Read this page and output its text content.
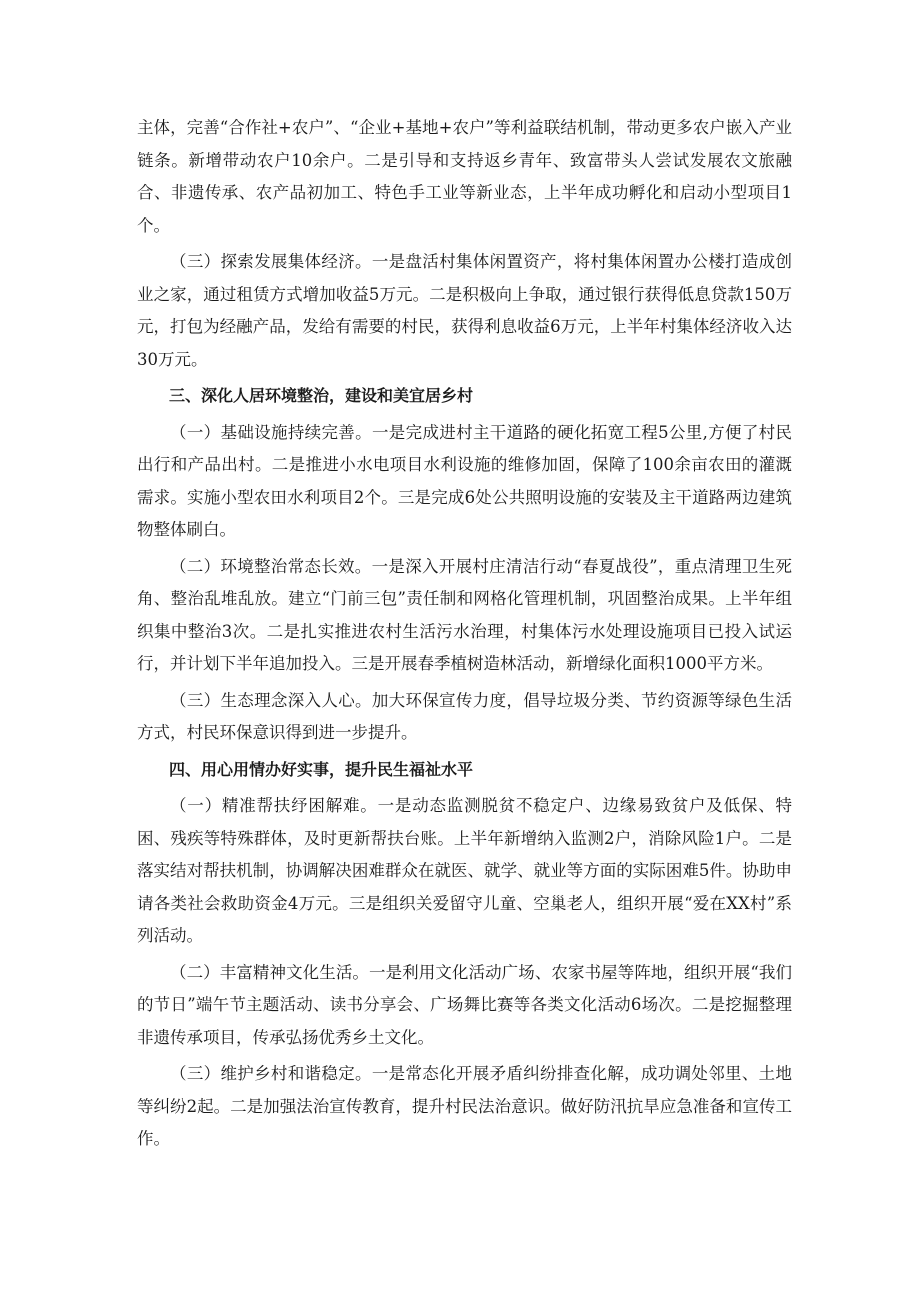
主体，完善“合作社+农户”、“企业+基地+农户”等利益联结机制，带动更多农户嵌入产业链条。新增带动农户10余户。二是引导和支持返乡青年、致富带头人尝试发展农文旅融合、非遗传承、农产品初加工、特色手工业等新业态，上半年成功孵化和启动小型项目1个。

（三）探索发展集体经济。一是盘活村集体闲置资产，将村集体闲置办公楼打造成创业之家，通过租赁方式增加收益5万元。二是积极向上争取，通过银行获得低息贷款150万元，打包为经融产品，发给有需要的村民，获得利息收益6万元，上半年村集体经济收入达30万元。

三、深化人居环境整治，建设和美宜居乡村

（一）基础设施持续完善。一是完成进村主干道路的硬化拓宽工程5公里,方便了村民出行和产品出村。二是推进小水电项目水利设施的维修加固，保障了100余亩农田的灌溉需求。实施小型农田水利项目2个。三是完成6处公共照明设施的安装及主干道路两边建筑物整体刷白。

（二）环境整治常态长效。一是深入开展村庄清洁行动“春夏战役”，重点清理卫生死角、整治乱堆乱放。建立“门前三包”责任制和网格化管理机制，巩固整治成果。上半年组织集中整治3次。二是扎实推进农村生活污水治理，村集体污水处理设施项目已投入试运行，并计划下半年追加投入。三是开展春季植树造林活动，新增绿化面积1000平方米。

（三）生态理念深入人心。加大环保宣传力度，倡导垃圾分类、节约资源等绿色生活方式，村民环保意识得到进一步提升。

四、用心用情办好实事，提升民生福祉水平

（一）精准帮扶纾困解难。一是动态监测脱贫不稳定户、边缘易致贫户及低保、特困、残疾等特殊群体，及时更新帮扶台账。上半年新增纳入监测2户，消除风险1户。二是落实结对帮扶机制，协调解决困难群众在就医、就学、就业等方面的实际困难5件。协助申请各类社会救助资金4万元。三是组织关爱留守儿童、空巢老人，组织开展“爱在XX村”系列活动。

（二）丰富精神文化生活。一是利用文化活动广场、农家书屋等阵地，组织开展“我们的节日”端午节主题活动、读书分享会、广场舞比赛等各类文化活动6场次。二是挖掘整理非遗传承项目，传承弘扬优秀乡土文化。

（三）维护乡村和谐稳定。一是常态化开展矛盾纠纷排查化解，成功调处邻里、土地等纠纷2起。二是加强法治宣传教育，提升村民法治意识。做好防汛抗旱应急准备和宣传工作。
